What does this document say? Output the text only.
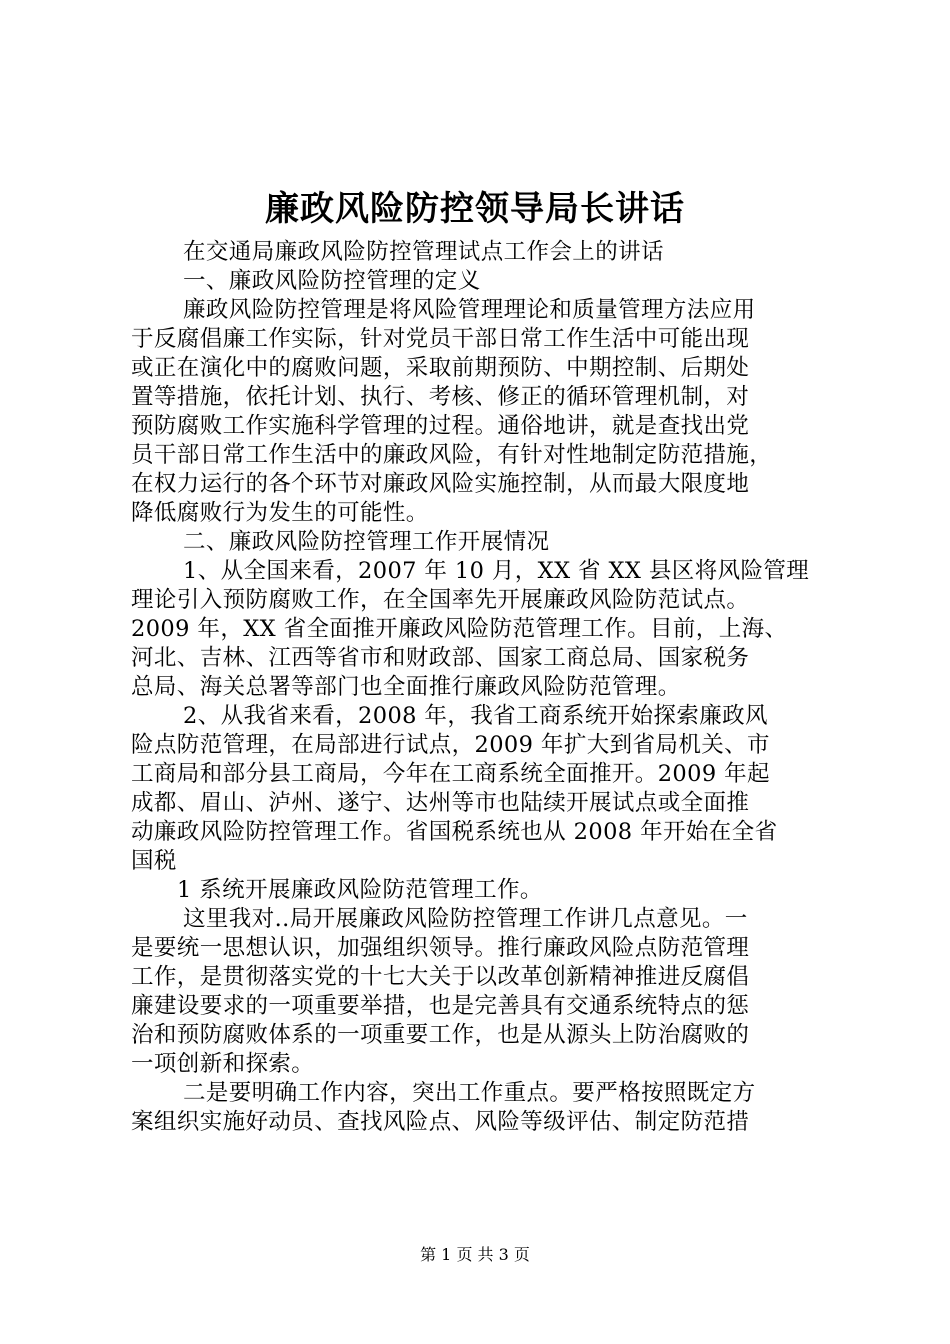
廉政风险防控领导局长讲话
在交通局廉政风险防控管理试点工作会上的讲话
一、廉政风险防控管理的定义
廉政风险防控管理是将风险管理理论和质量管理方法应用
于反腐倡廉工作实际，针对党员干部日常工作生活中可能出现
或正在演化中的腐败问题，采取前期预防、中期控制、后期处
置等措施，依托计划、执行、考核、修正的循环管理机制，对
预防腐败工作实施科学管理的过程。通俗地讲，就是查找出党
员干部日常工作生活中的廉政风险，有针对性地制定防范措施，
在权力运行的各个环节对廉政风险实施控制，从而最大限度地
降低腐败行为发生的可能性。
二、廉政风险防控管理工作开展情况
1、从全国来看，2007 年 10 月，XX 省 XX 县区将风险管理
理论引入预防腐败工作，在全国率先开展廉政风险防范试点。
2009 年，XX 省全面推开廉政风险防范管理工作。目前，上海、
河北、吉林、江西等省市和财政部、国家工商总局、国家税务
总局、海关总署等部门也全面推行廉政风险防范管理。
2、从我省来看，2008 年，我省工商系统开始探索廉政风
险点防范管理，在局部进行试点，2009 年扩大到省局机关、市
工商局和部分县工商局，今年在工商系统全面推开。2009 年起
成都、眉山、泸州、遂宁、达州等市也陆续开展试点或全面推
动廉政风险防控管理工作。省国税系统也从 2008 年开始在全省
国税
1 系统开展廉政风险防范管理工作。
这里我对..局开展廉政风险防控管理工作讲几点意见。一
是要统一思想认识，加强组织领导。推行廉政风险点防范管理
工作，是贯彻落实党的十七大关于以改革创新精神推进反腐倡
廉建设要求的一项重要举措，也是完善具有交通系统特点的惩
治和预防腐败体系的一项重要工作，也是从源头上防治腐败的
一项创新和探索。
二是要明确工作内容，突出工作重点。要严格按照既定方
案组织实施好动员、查找风险点、风险等级评估、制定防范措
第 1 页 共 3 页
